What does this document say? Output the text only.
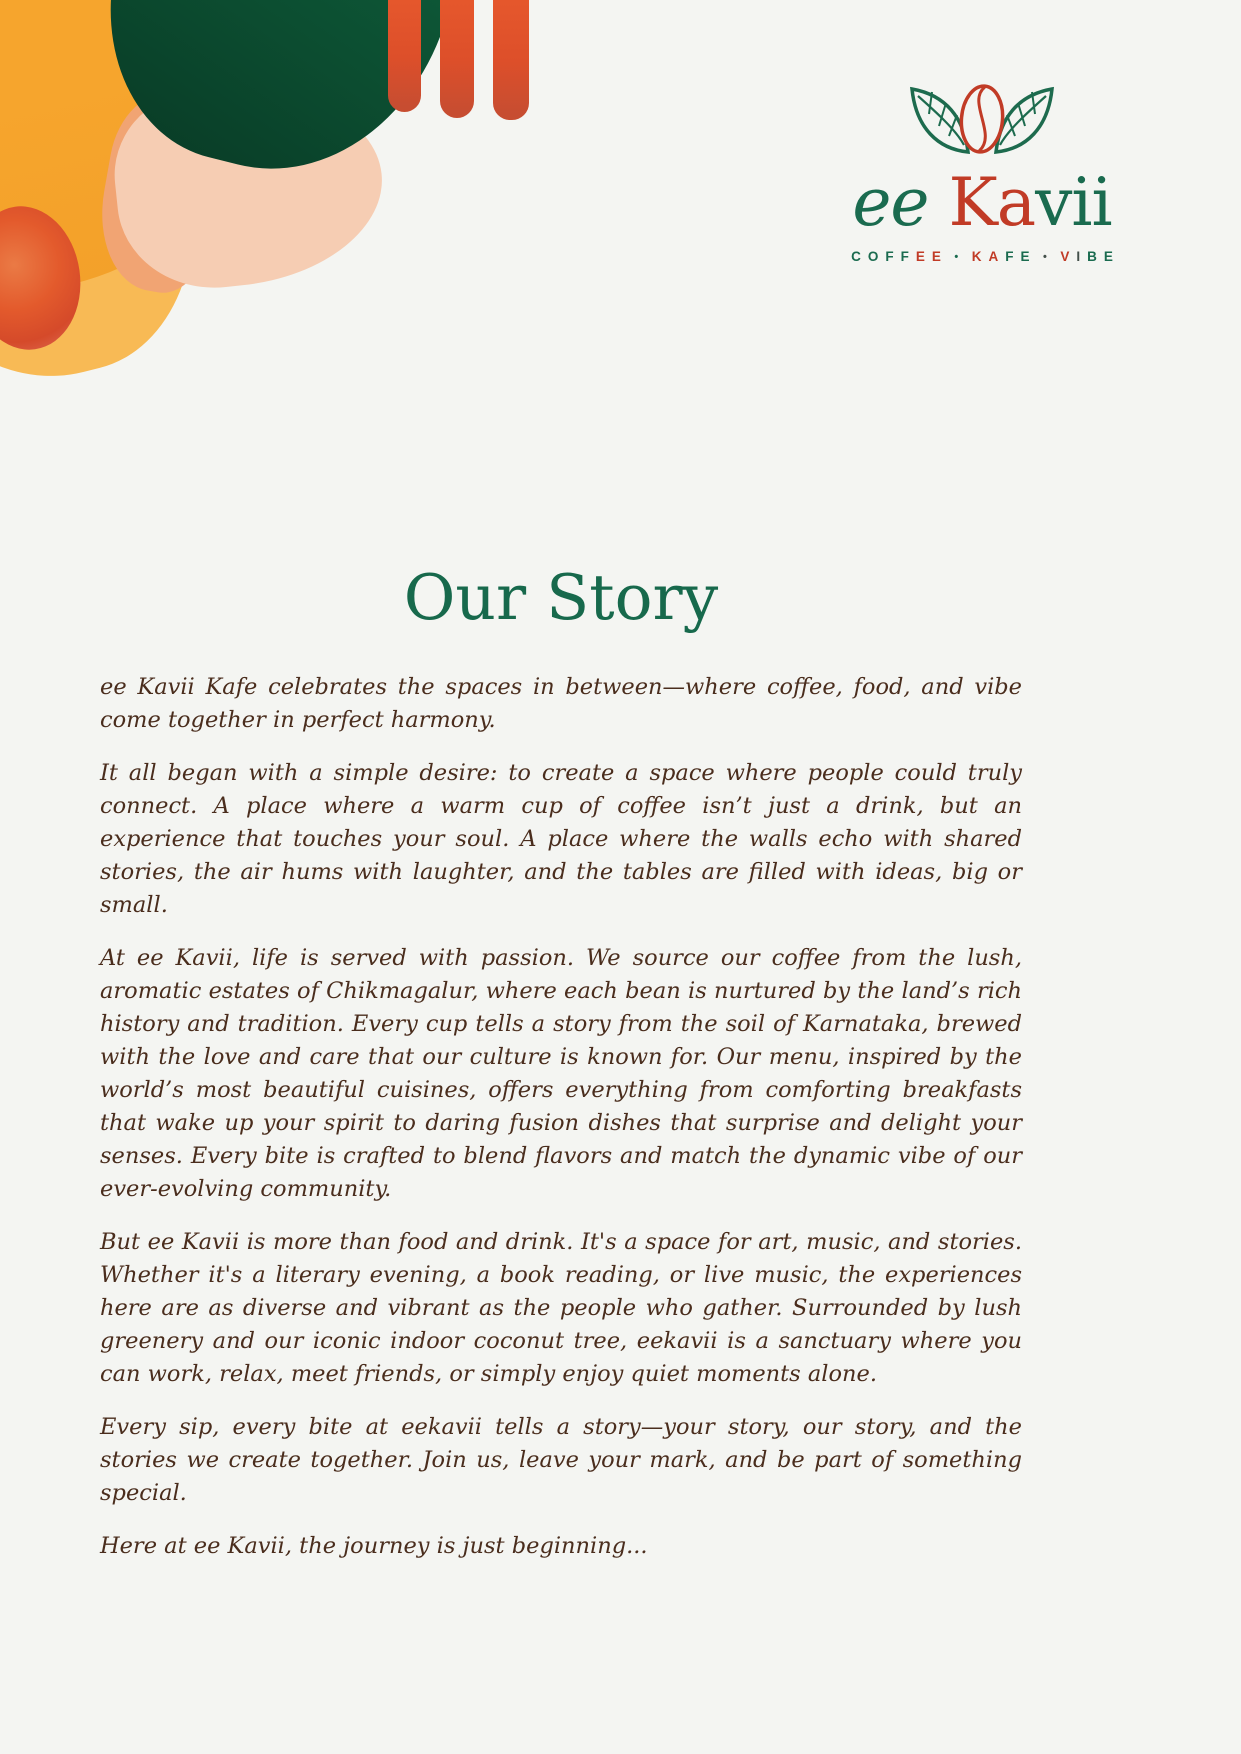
ee Kavii
C O F F E E • K A F E • V I B E
Our Story

ee Kavii Kafe celebrates the spaces in between—where coffee, food, and vibe come together in perfect harmony.

It all began with a simple desire: to create a space where people could truly connect. A place where a warm cup of coffee isn’t just a drink, but an experience that touches your soul. A place where the walls echo with shared stories, the air hums with laughter, and the tables are filled with ideas, big or small.

At ee Kavii, life is served with passion. We source our coffee from the lush, aromatic estates of Chikmagalur, where each bean is nurtured by the land’s rich history and tradition. Every cup tells a story from the soil of Karnataka, brewed with the love and care that our culture is known for. Our menu, inspired by the world’s most beautiful cuisines, offers everything from comforting breakfasts that wake up your spirit to daring fusion dishes that surprise and delight your senses. Every bite is crafted to blend flavors and match the dynamic vibe of our ever-evolving community.

But ee Kavii is more than food and drink. It's a space for art, music, and stories. Whether it's a literary evening, a book reading, or live music, the experiences here are as diverse and vibrant as the people who gather. Surrounded by lush greenery and our iconic indoor coconut tree, eekavii is a sanctuary where you can work, relax, meet friends, or simply enjoy quiet moments alone.

Every sip, every bite at eekavii tells a story—your story, our story, and the stories we create together. Join us, leave your mark, and be part of something special.

Here at ee Kavii, the journey is just beginning...
